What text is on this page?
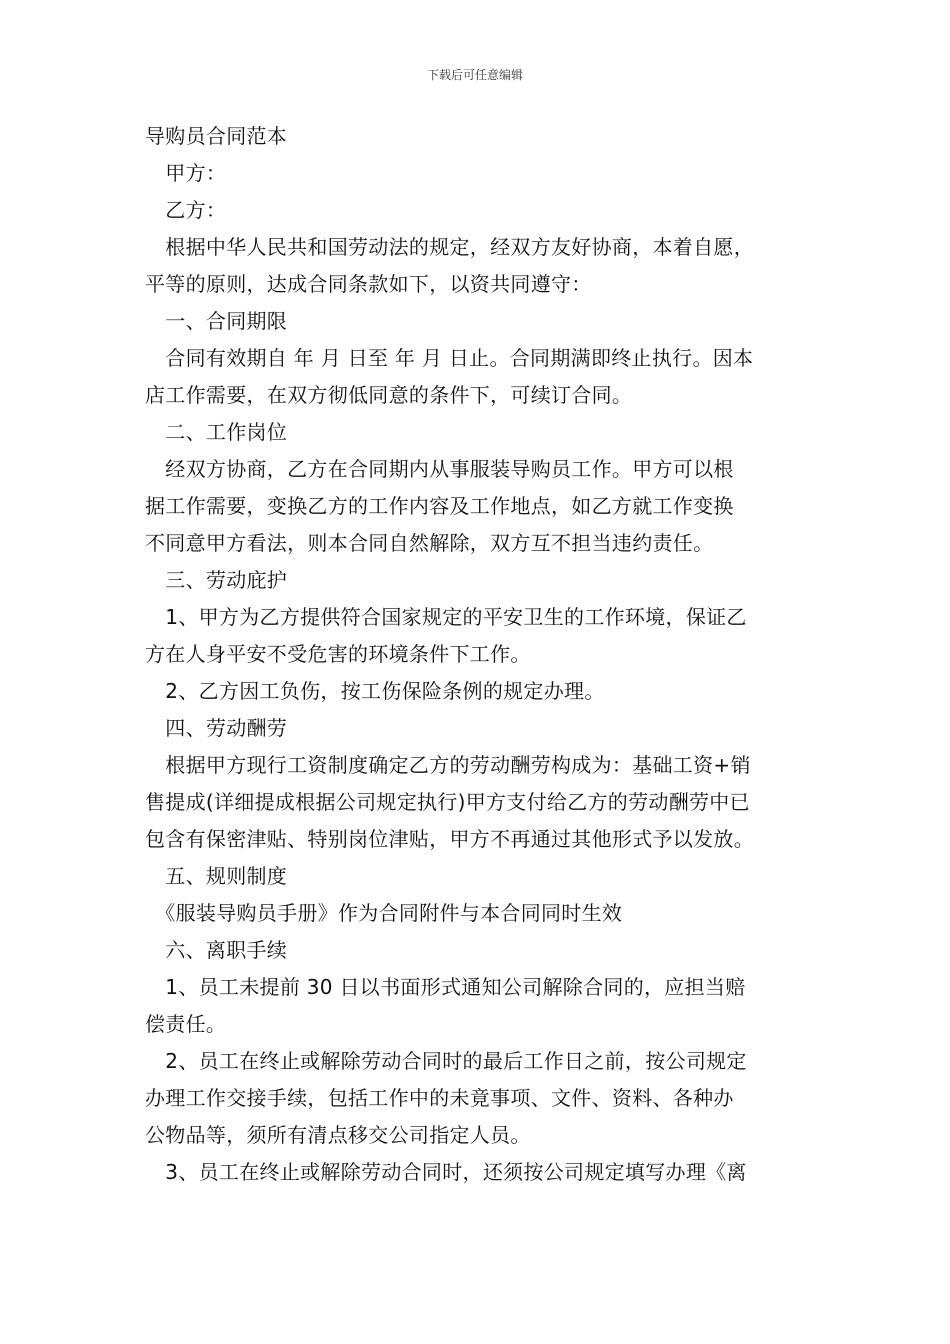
下载后可任意编辑
导购员合同范本
　甲方：
　乙方：
　根据中华人民共和国劳动法的规定，经双方友好协商，本着自愿，
平等的原则，达成合同条款如下，以资共同遵守：
　一、合同期限
　合同有效期自 年 月 日至 年 月 日止。合同期满即终止执行。因本
店工作需要，在双方彻低同意的条件下，可续订合同。
　二、工作岗位
　经双方协商，乙方在合同期内从事服装导购员工作。甲方可以根
据工作需要，变换乙方的工作内容及工作地点，如乙方就工作变换
不同意甲方看法，则本合同自然解除，双方互不担当违约责任。
　三、劳动庇护
　1、甲方为乙方提供符合国家规定的平安卫生的工作环境，保证乙
方在人身平安不受危害的环境条件下工作。
　2、乙方因工负伤，按工伤保险条例的规定办理。
　四、劳动酬劳
　根据甲方现行工资制度确定乙方的劳动酬劳构成为：基础工资+销
售提成(详细提成根据公司规定执行)甲方支付给乙方的劳动酬劳中已
包含有保密津贴、特别岗位津贴，甲方不再通过其他形式予以发放。
　五、规则制度
　《服装导购员手册》作为合同附件与本合同同时生效
　六、离职手续
　1、员工未提前 30 日以书面形式通知公司解除合同的，应担当赔
偿责任。
　2、员工在终止或解除劳动合同时的最后工作日之前，按公司规定
办理工作交接手续，包括工作中的未竟事项、文件、资料、各种办
公物品等，须所有清点移交公司指定人员。
　3、员工在终止或解除劳动合同时，还须按公司规定填写办理《离
